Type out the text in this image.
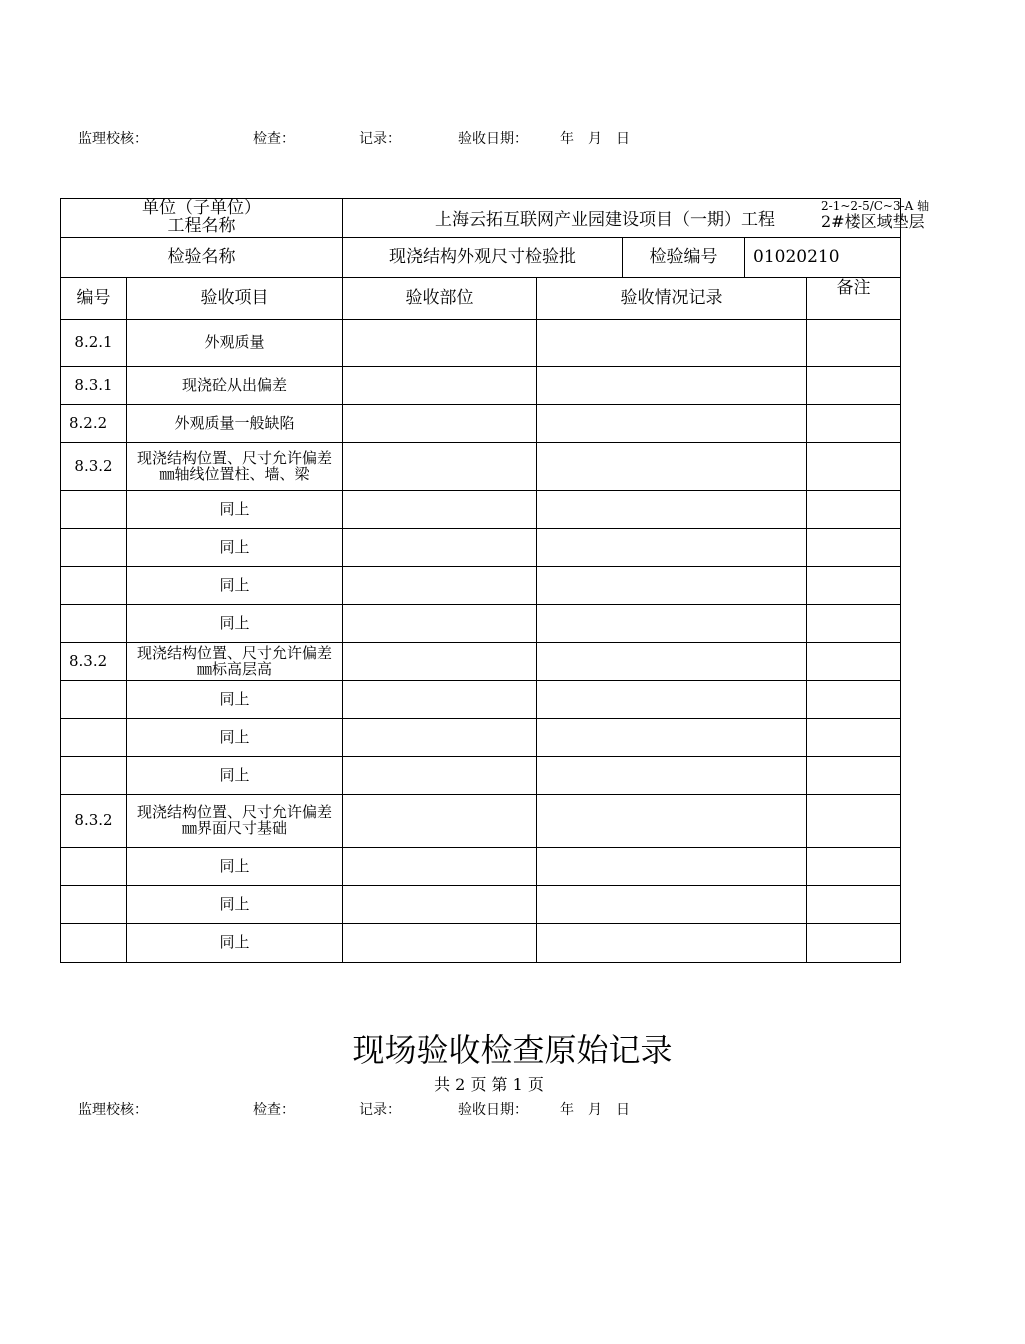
监理校核：	检查：	记录：	验收日期： 年　月　日
单位（子单位）
工程名称		上海云拓互联网产业园建设项目（一期）工程
2-1~2-5/C~3-A 轴
2#楼区域垫层				

检验名称		现浇结构外观尺寸检验批		检验编号	01020210	
编号	验收项目	验收部位	验收情况记录			备注
8.2.1	外观质量					
8.3.1	现浇砼从出偏差					
8.2.2	外观质量一般缺陷					
8.3.2	现浇结构位置、尺寸允许偏差㎜轴线位置柱、墙、梁					
	同上					
	同上					
	同上					
	同上					
8.3.2	现浇结构位置、尺寸允许偏差㎜标高层高					
	同上					
	同上					
	同上					
8.3.2	现浇结构位置、尺寸允许偏差㎜界面尺寸基础					
	同上					
	同上					
	同上					
现场验收检查原始记录
共 2 页 第 1 页
监理校核：	检查：	记录：	验收日期： 年　月　日
